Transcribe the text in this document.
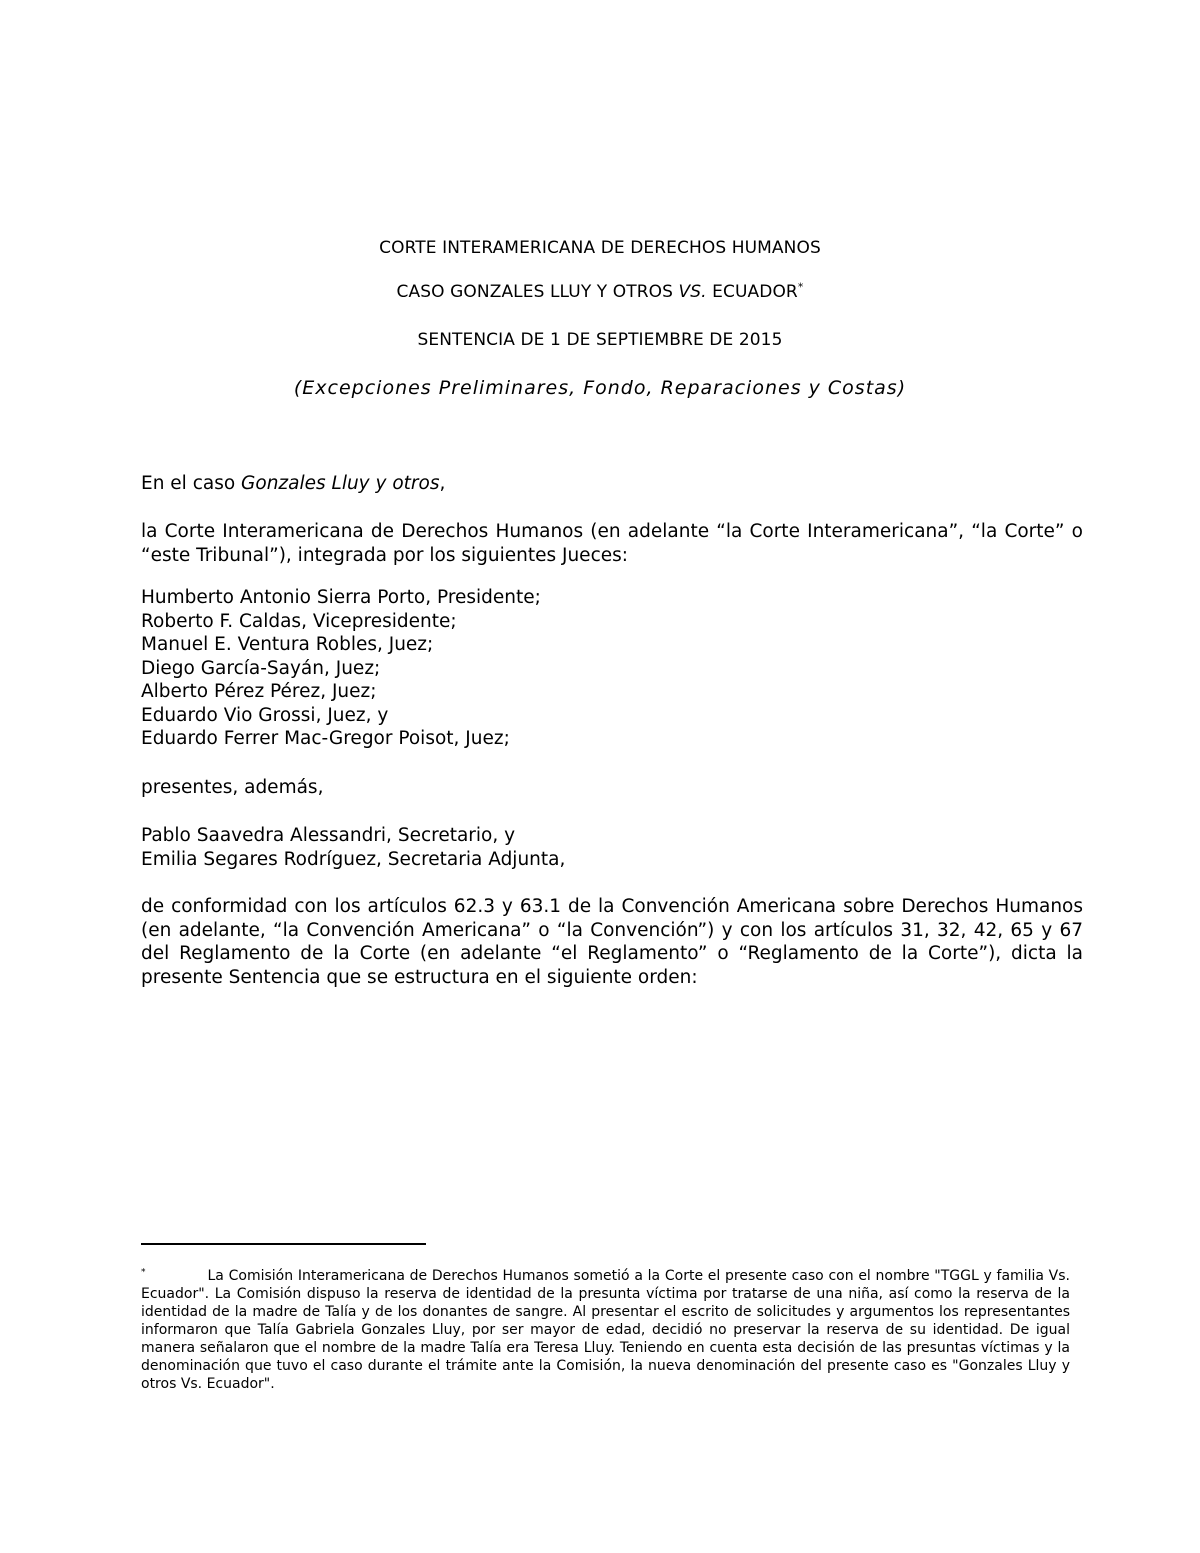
CORTE INTERAMERICANA DE DERECHOS HUMANOS
CASO GONZALES LLUY Y OTROS VS. ECUADOR*
SENTENCIA DE 1 DE SEPTIEMBRE DE 2015
(Excepciones Preliminares, Fondo, Reparaciones y Costas)
En el caso Gonzales Lluy y otros,
la Corte Interamericana de Derechos Humanos (en adelante “la Corte Interamericana”, “la Corte” o “este Tribunal”), integrada por los siguientes Jueces:
Humberto Antonio Sierra Porto, Presidente;
Roberto F. Caldas, Vicepresidente;
Manuel E. Ventura Robles, Juez;
Diego García-Sayán, Juez;
Alberto Pérez Pérez, Juez;
Eduardo Vio Grossi, Juez, y
Eduardo Ferrer Mac-Gregor Poisot, Juez;
presentes, además,
Pablo Saavedra Alessandri, Secretario, y
Emilia Segares Rodríguez, Secretaria Adjunta,
de conformidad con los artículos 62.3 y 63.1 de la Convención Americana sobre Derechos Humanos (en adelante, “la Convención Americana” o “la Convención”) y con los artículos 31, 32, 42, 65 y 67 del Reglamento de la Corte (en adelante “el Reglamento” o “Reglamento de la Corte”), dicta la presente Sentencia que se estructura en el siguiente orden:
*	La Comisión Interamericana de Derechos Humanos sometió a la Corte el presente caso con el nombre "TGGL y familia Vs. Ecuador". La Comisión dispuso la reserva de identidad de la presunta víctima por tratarse de una niña, así como la reserva de la identidad de la madre de Talía y de los donantes de sangre. Al presentar el escrito de solicitudes y argumentos los representantes informaron que Talía Gabriela Gonzales Lluy, por ser mayor de edad, decidió no preservar la reserva de su identidad. De igual manera señalaron que el nombre de la madre Talía era Teresa Lluy. Teniendo en cuenta esta decisión de las presuntas víctimas y la denominación que tuvo el caso durante el trámite ante la Comisión, la nueva denominación del presente caso es "Gonzales Lluy y otros Vs. Ecuador".
